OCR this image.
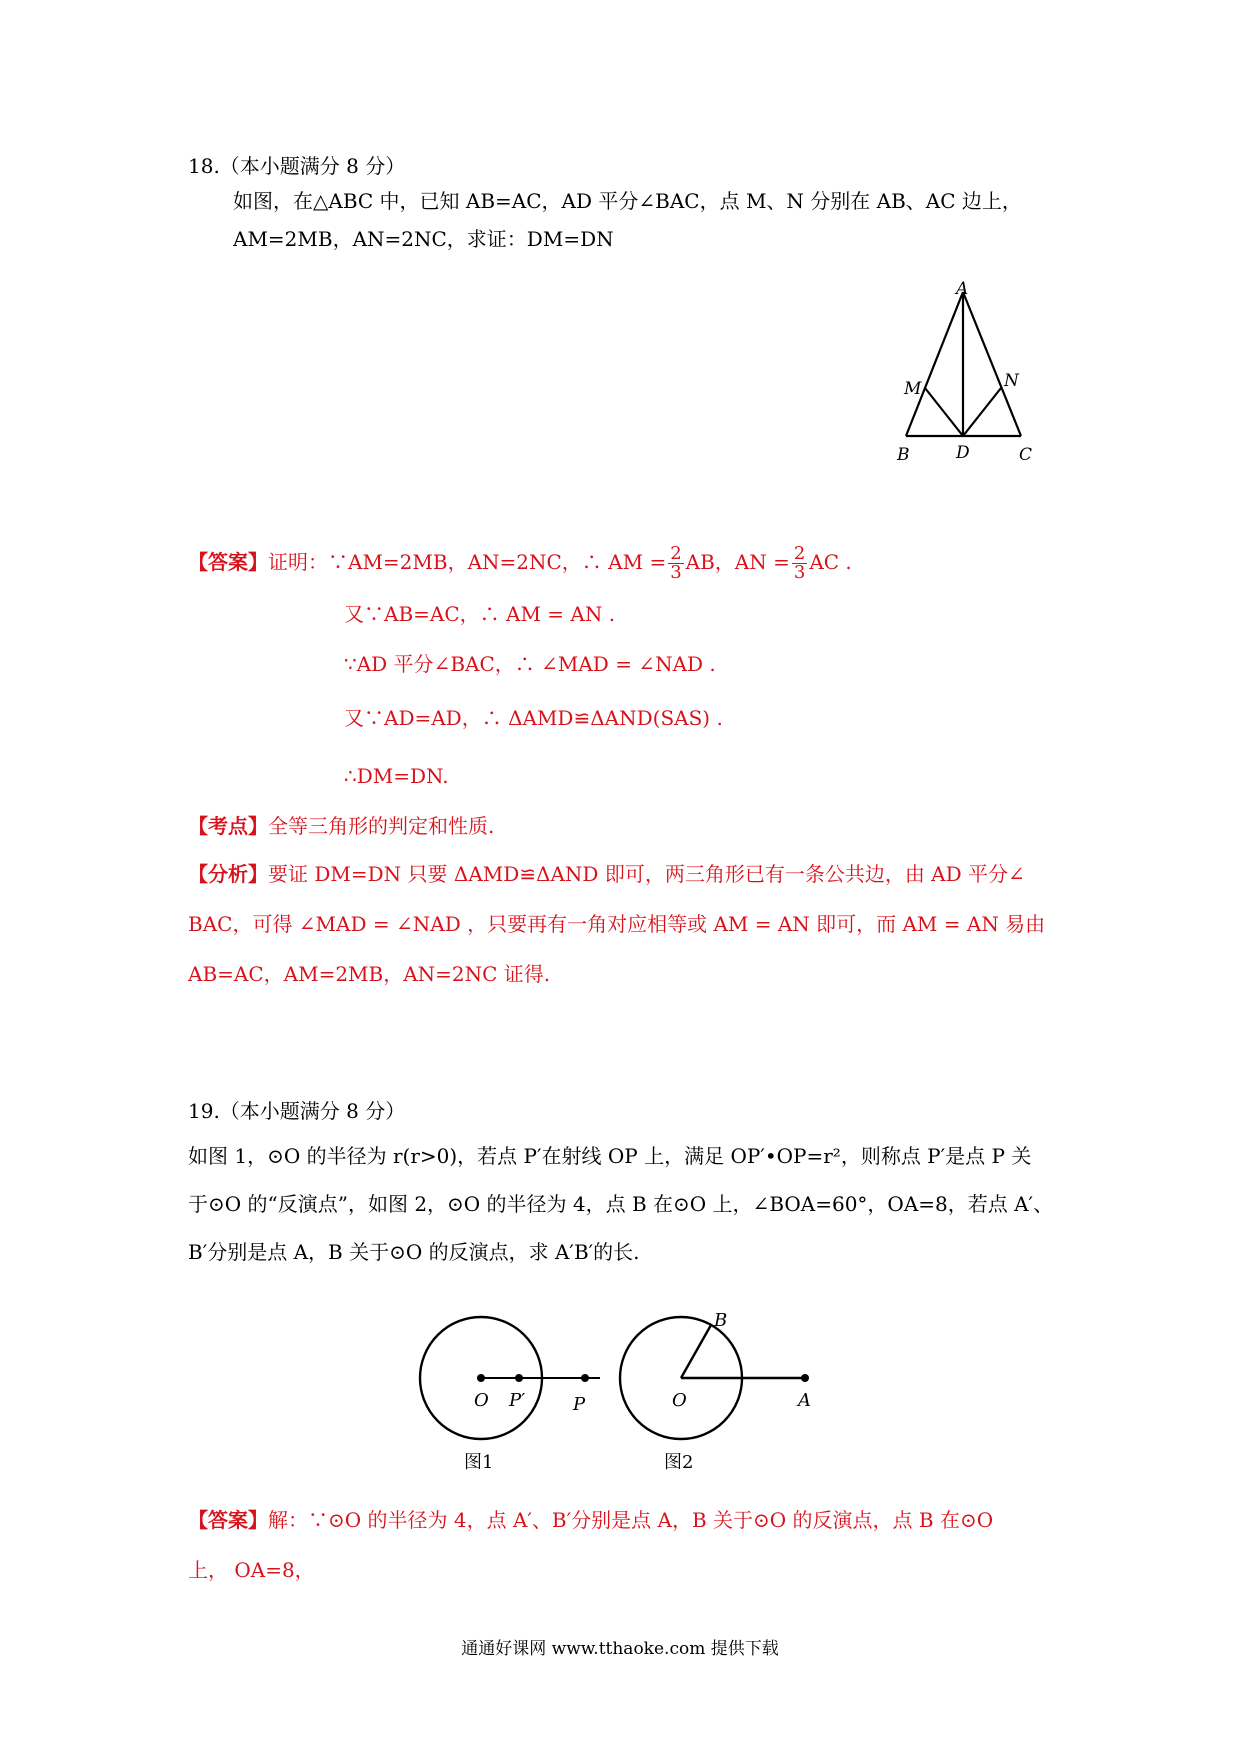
18.（本小题满分 8 分）
如图，在△ABC 中，已知 AB=AC，AD 平分∠BAC，点 M、N 分别在 AB、AC 边上，
AM=2MB，AN=2NC，求证：DM=DN
A
M	N
B	D	C
【答案】证明：∵AM=2MB，AN=2NC，∴ AM = $\frac{2}{3}$ AB，AN = $\frac{2}{3}$ AC .
又∵AB=AC，∴ AM = AN .
∵AD 平分∠BAC，∴ ∠MAD = ∠NAD .
又∵AD=AD，∴ ΔAMD≌ΔAND(SAS) .
∴DM=DN.
【考点】全等三角形的判定和性质.
【分析】要证 DM=DN 只要 ΔAMD≌ΔAND 即可，两三角形已有一条公共边，由 AD 平分∠
BAC，可得 ∠MAD = ∠NAD ，只要再有一角对应相等或 AM = AN 即可，而 AM = AN 易由
AB=AC，AM=2MB，AN=2NC 证得.
19.（本小题满分 8 分）
如图 1，⊙O 的半径为 r(r>0)，若点 P′在射线 OP 上，满足 OP′•OP=r²，则称点 P′是点 P 关
于⊙O 的“反演点”，如图 2，⊙O 的半径为 4，点 B 在⊙O 上，∠BOA=60°，OA=8，若点 A′、
B′分别是点 A，B 关于⊙O 的反演点，求 A′B′的长.
O P′	P
图1
B
O	A
图2
【答案】解：∵⊙O 的半径为 4，点 A′、B′分别是点 A，B 关于⊙O 的反演点，点 B 在⊙O
上， OA=8，
通通好课网 www.tthaoke.com 提供下载
